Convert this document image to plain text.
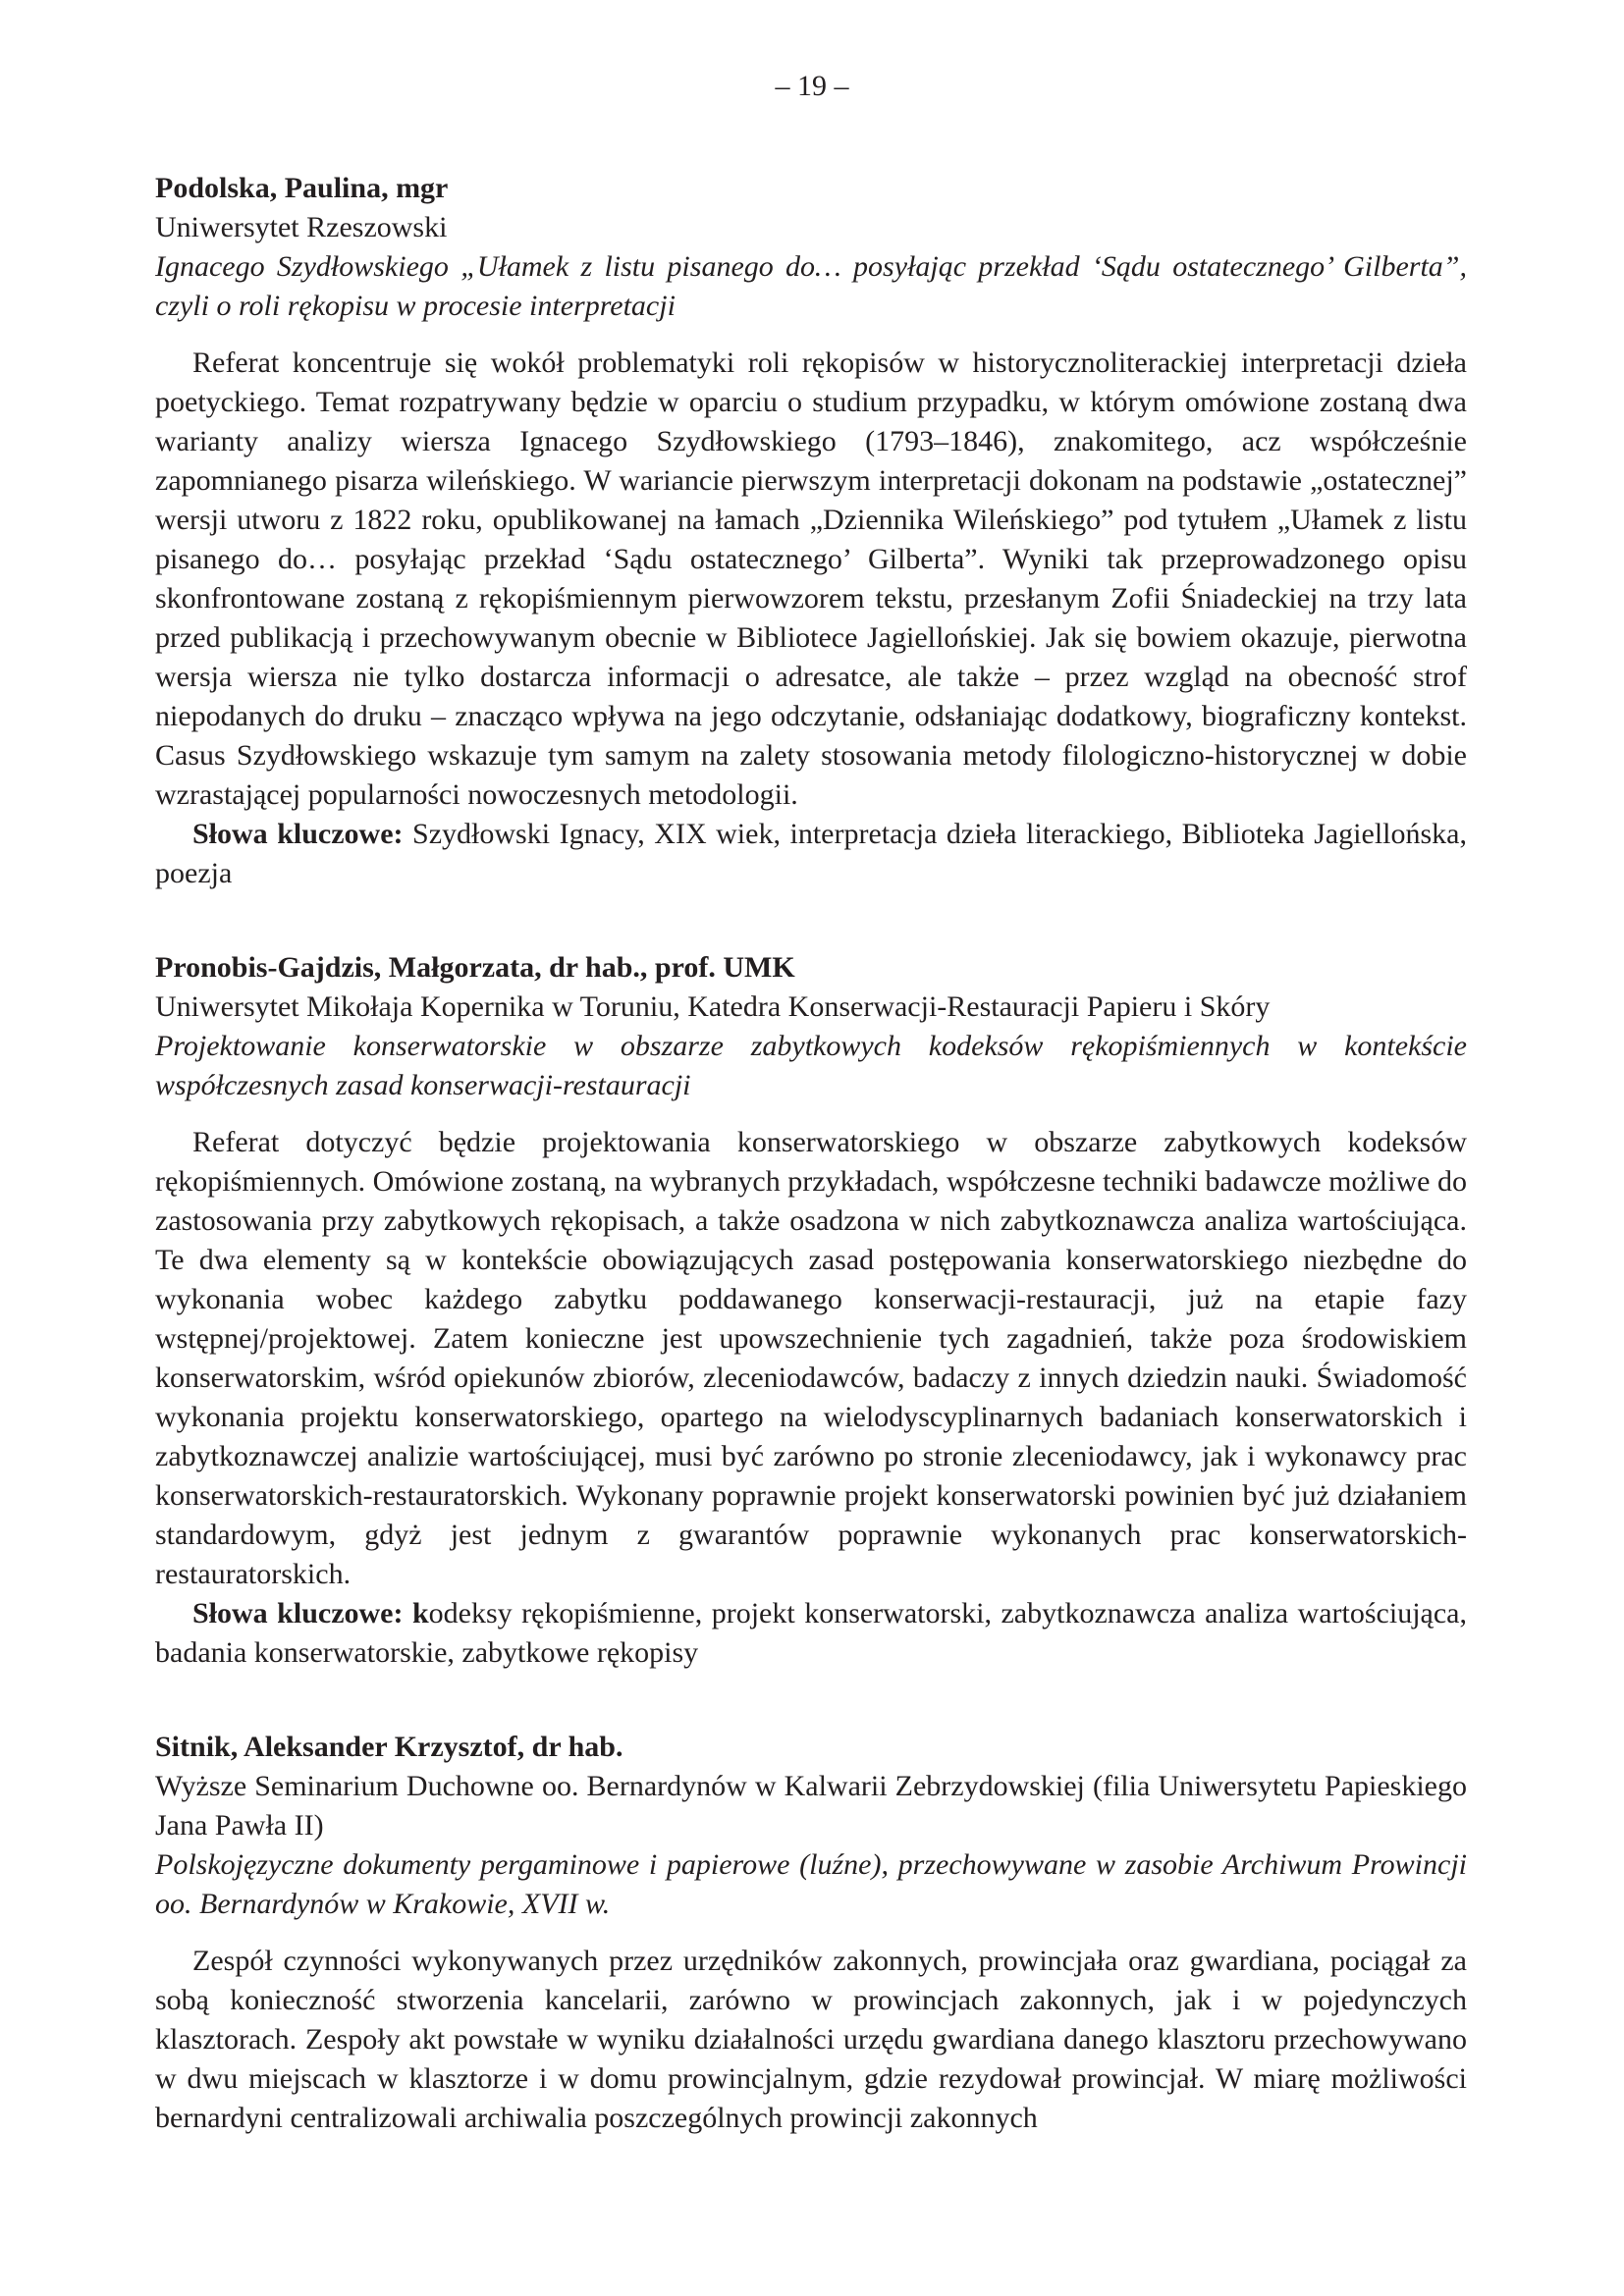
– 19 –

Podolska, Paulina, mgr

Uniwersytet Rzeszowski

Ignacego Szydłowskiego „Ułamek z listu pisanego do… posyłając przekład ‘Sądu ostatecznego’ Gilberta”, czyli o roli rękopisu w procesie interpretacji

Referat koncentruje się wokół problematyki roli rękopisów w historycznoliterackiej interpretacji dzieła poetyckiego. Temat rozpatrywany będzie w oparciu o studium przypadku, w którym omówione zostaną dwa warianty analizy wiersza Ignacego Szydłowskiego (1793–1846), znakomitego, acz współcześnie zapomnianego pisarza wileńskiego. W wariancie pierwszym interpretacji dokonam na podstawie „ostatecznej” wersji utworu z 1822 roku, opublikowanej na łamach „Dziennika Wileńskiego” pod tytułem „Ułamek z listu pisanego do… posyłając przekład ‘Sądu ostatecznego’ Gilberta”. Wyniki tak przeprowadzonego opisu skonfrontowane zostaną z rękopiśmiennym pierwowzorem tekstu, przesłanym Zofii Śniadeckiej na trzy lata przed publikacją i przechowywanym obecnie w Bibliotece Jagiellońskiej. Jak się bowiem okazuje, pierwotna wersja wiersza nie tylko dostarcza informacji o adresatce, ale także – przez wzgląd na obecność strof niepodanych do druku – znacząco wpływa na jego odczytanie, odsłaniając dodatkowy, biograficzny kontekst. Casus Szydłowskiego wskazuje tym samym na zalety stosowania metody filologiczno-historycznej w dobie wzrastającej popularności nowoczesnych metodologii.

Słowa kluczowe: Szydłowski Ignacy, XIX wiek, interpretacja dzieła literackiego, Biblioteka Jagiellońska, poezja

Pronobis-Gajdzis, Małgorzata, dr hab., prof. UMK

Uniwersytet Mikołaja Kopernika w Toruniu, Katedra Konserwacji-Restauracji Papieru i Skóry

Projektowanie konserwatorskie w obszarze zabytkowych kodeksów rękopiśmiennych w kontekście współczesnych zasad konserwacji-restauracji

Referat dotyczyć będzie projektowania konserwatorskiego w obszarze zabytkowych kodeksów rękopiśmiennych. Omówione zostaną, na wybranych przykładach, współczesne techniki badawcze możliwe do zastosowania przy zabytkowych rękopisach, a także osadzona w nich zabytkoznawcza analiza wartościująca. Te dwa elementy są w kontekście obowiązujących zasad postępowania konserwatorskiego niezbędne do wykonania wobec każdego zabytku poddawanego konserwacji-restauracji, już na etapie fazy wstępnej/projektowej. Zatem konieczne jest upowszechnienie tych zagadnień, także poza środowiskiem konserwatorskim, wśród opiekunów zbiorów, zleceniodawców, badaczy z innych dziedzin nauki. Świadomość wykonania projektu konserwatorskiego, opartego na wielodyscyplinarnych badaniach konserwatorskich i zabytkoznawczej analizie wartościującej, musi być zarówno po stronie zleceniodawcy, jak i wykonawcy prac konserwatorskich-restauratorskich. Wykonany poprawnie projekt konserwatorski powinien być już działaniem standardowym, gdyż jest jednym z gwarantów poprawnie wykonanych prac konserwatorskich-restauratorskich.

Słowa kluczowe: kodeksy rękopiśmienne, projekt konserwatorski, zabytkoznawcza analiza wartościująca, badania konserwatorskie, zabytkowe rękopisy

Sitnik, Aleksander Krzysztof, dr hab.

Wyższe Seminarium Duchowne oo. Bernardynów w Kalwarii Zebrzydowskiej (filia Uniwersytetu Papieskiego Jana Pawła II)

Polskojęzyczne dokumenty pergaminowe i papierowe (luźne), przechowywane w zasobie Archiwum Prowincji oo. Bernardynów w Krakowie, XVII w.

Zespół czynności wykonywanych przez urzędników zakonnych, prowincjała oraz gwardiana, pociągał za sobą konieczność stworzenia kancelarii, zarówno w prowincjach zakonnych, jak i w pojedynczych klasztorach. Zespoły akt powstałe w wyniku działalności urzędu gwardiana danego klasztoru przechowywano w dwu miejscach w klasztorze i w domu prowincjalnym, gdzie rezydował prowincjał. W miarę możliwości bernardyni centralizowali archiwalia poszczególnych prowincji zakonnych
